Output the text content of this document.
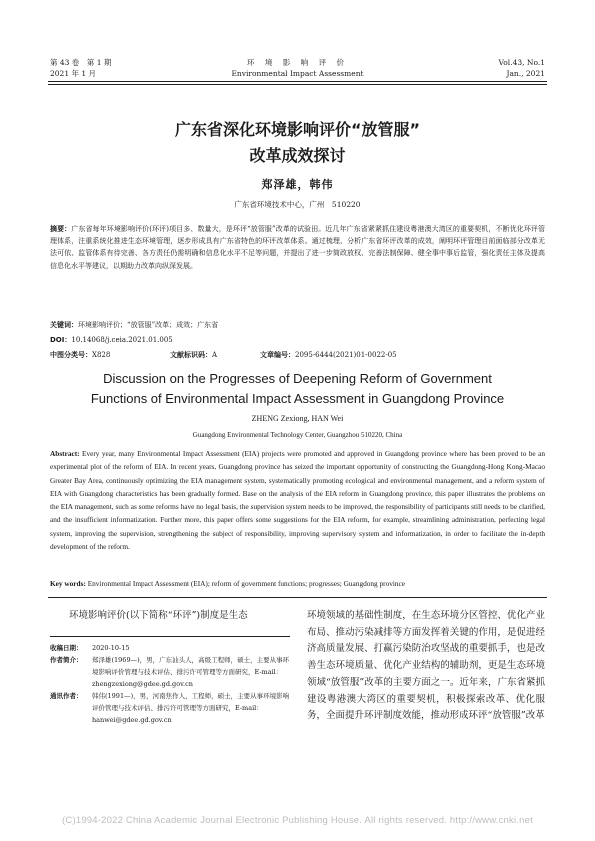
第 43 卷　第 1 期
2021 年 1 月
环 境 影 响 评 价
Environmental Impact Assessment
Vol.43, No.1
Jan., 2021
广东省深化环境影响评价“放管服”
改革成效探讨
郑泽雄，韩伟
广东省环境技术中心，广州　510220
摘要：广东省每年环境影响评价(环评)项目多、数量大，是环评“放管服”改革的试验田。近几年广东省紧紧抓住建设粤港澳大湾区的重要契机，不断优化环评管理体系，注重系统化推进生态环境管理，逐步形成具有广东省特色的环评改革体系。通过梳理、分析广东省环评改革的成效，阐明环评管理目前面临部分改革无法可依、监管体系有待完善、各方责任仍需明确和信息化水平不足等问题，并提出了进一步简政放权、完善法制保障、健全事中事后监管，强化责任主体及提高信息化水平等建议，以期助力改革向纵深发展。
关键词：环境影响评价；“放管服”改革；成效；广东省
DOI：10.14068/j.ceia.2021.01.005
中图分类号：X828	文献标识码：A	文章编号：2095-6444(2021)01-0022-05
Discussion on the Progresses of Deepening Reform of Government
Functions of Environmental Impact Assessment in Guangdong Province
ZHENG Zexiong, HAN Wei
Guangdong Environmental Technology Center, Guangzhou 510220, China
Abstract: Every year, many Environmental Impact Assessment (EIA) projects were promoted and approved in Guangdong province where has been proved to be an experimental plot of the reform of EIA. In recent years, Guangdong province has seized the important opportunity of constructing the Guangdong-Hong Kong-Macao Greater Bay Area, continuously optimizing the EIA management system, systematically promoting ecological and environmental management, and a reform system of EIA with Guangdong characteristics has been gradually formed. Base on the analysis of the EIA reform in Guangdong province, this paper illustrates the problems on the EIA management, such as some reforms have no legal basis, the supervision system needs to be improved, the responsibility of participants still needs to be clarified, and the insufficient informatization. Further more, this paper offers some suggestions for the EIA reform, for example, streamlining administration, perfecting legal system, improving the supervision, strengthening the subject of responsibility, improving supervisory system and informatization, in order to facilitate the in-depth development of the reform.
Key words: Environmental Impact Assessment (EIA); reform of government functions; progresses; Guangdong province
环境影响评价(以下简称“环评”)制度是生态
收稿日期：	2020-10-15
作者简介：	郑泽雄(1969—)，男，广东汕头人，高级工程师，硕士，主要从事环境影响评价管理与技术评估、排污许可管理等方面研究，E-mail：zhengzexiong@gdee.gd.gov.cn
通讯作者：	韩伟(1991—)，男，河南焦作人，工程师，硕士，主要从事环境影响评价管理与技术评估、排污许可管理等方面研究，E-mail：hanwei@gdee.gd.gov.cn
环境领域的基础性制度，在生态环境分区管控、优化产业布局、推动污染减排等方面发挥着关键的作用，是促进经济高质量发展、打赢污染防治攻坚战的重要抓手，也是改善生态环境质量、优化产业结构的辅助剂，更是生态环境领域“放管服”改革的主要方面之一。近年来，广东省紧抓建设粤港澳大湾区的重要契机，积极探索改革、优化服务，全面提升环评制度效能，推动形成环评“放管服”改革
(C)1994-2022 China Academic Journal Electronic Publishing House. All rights reserved. http://www.cnki.net
